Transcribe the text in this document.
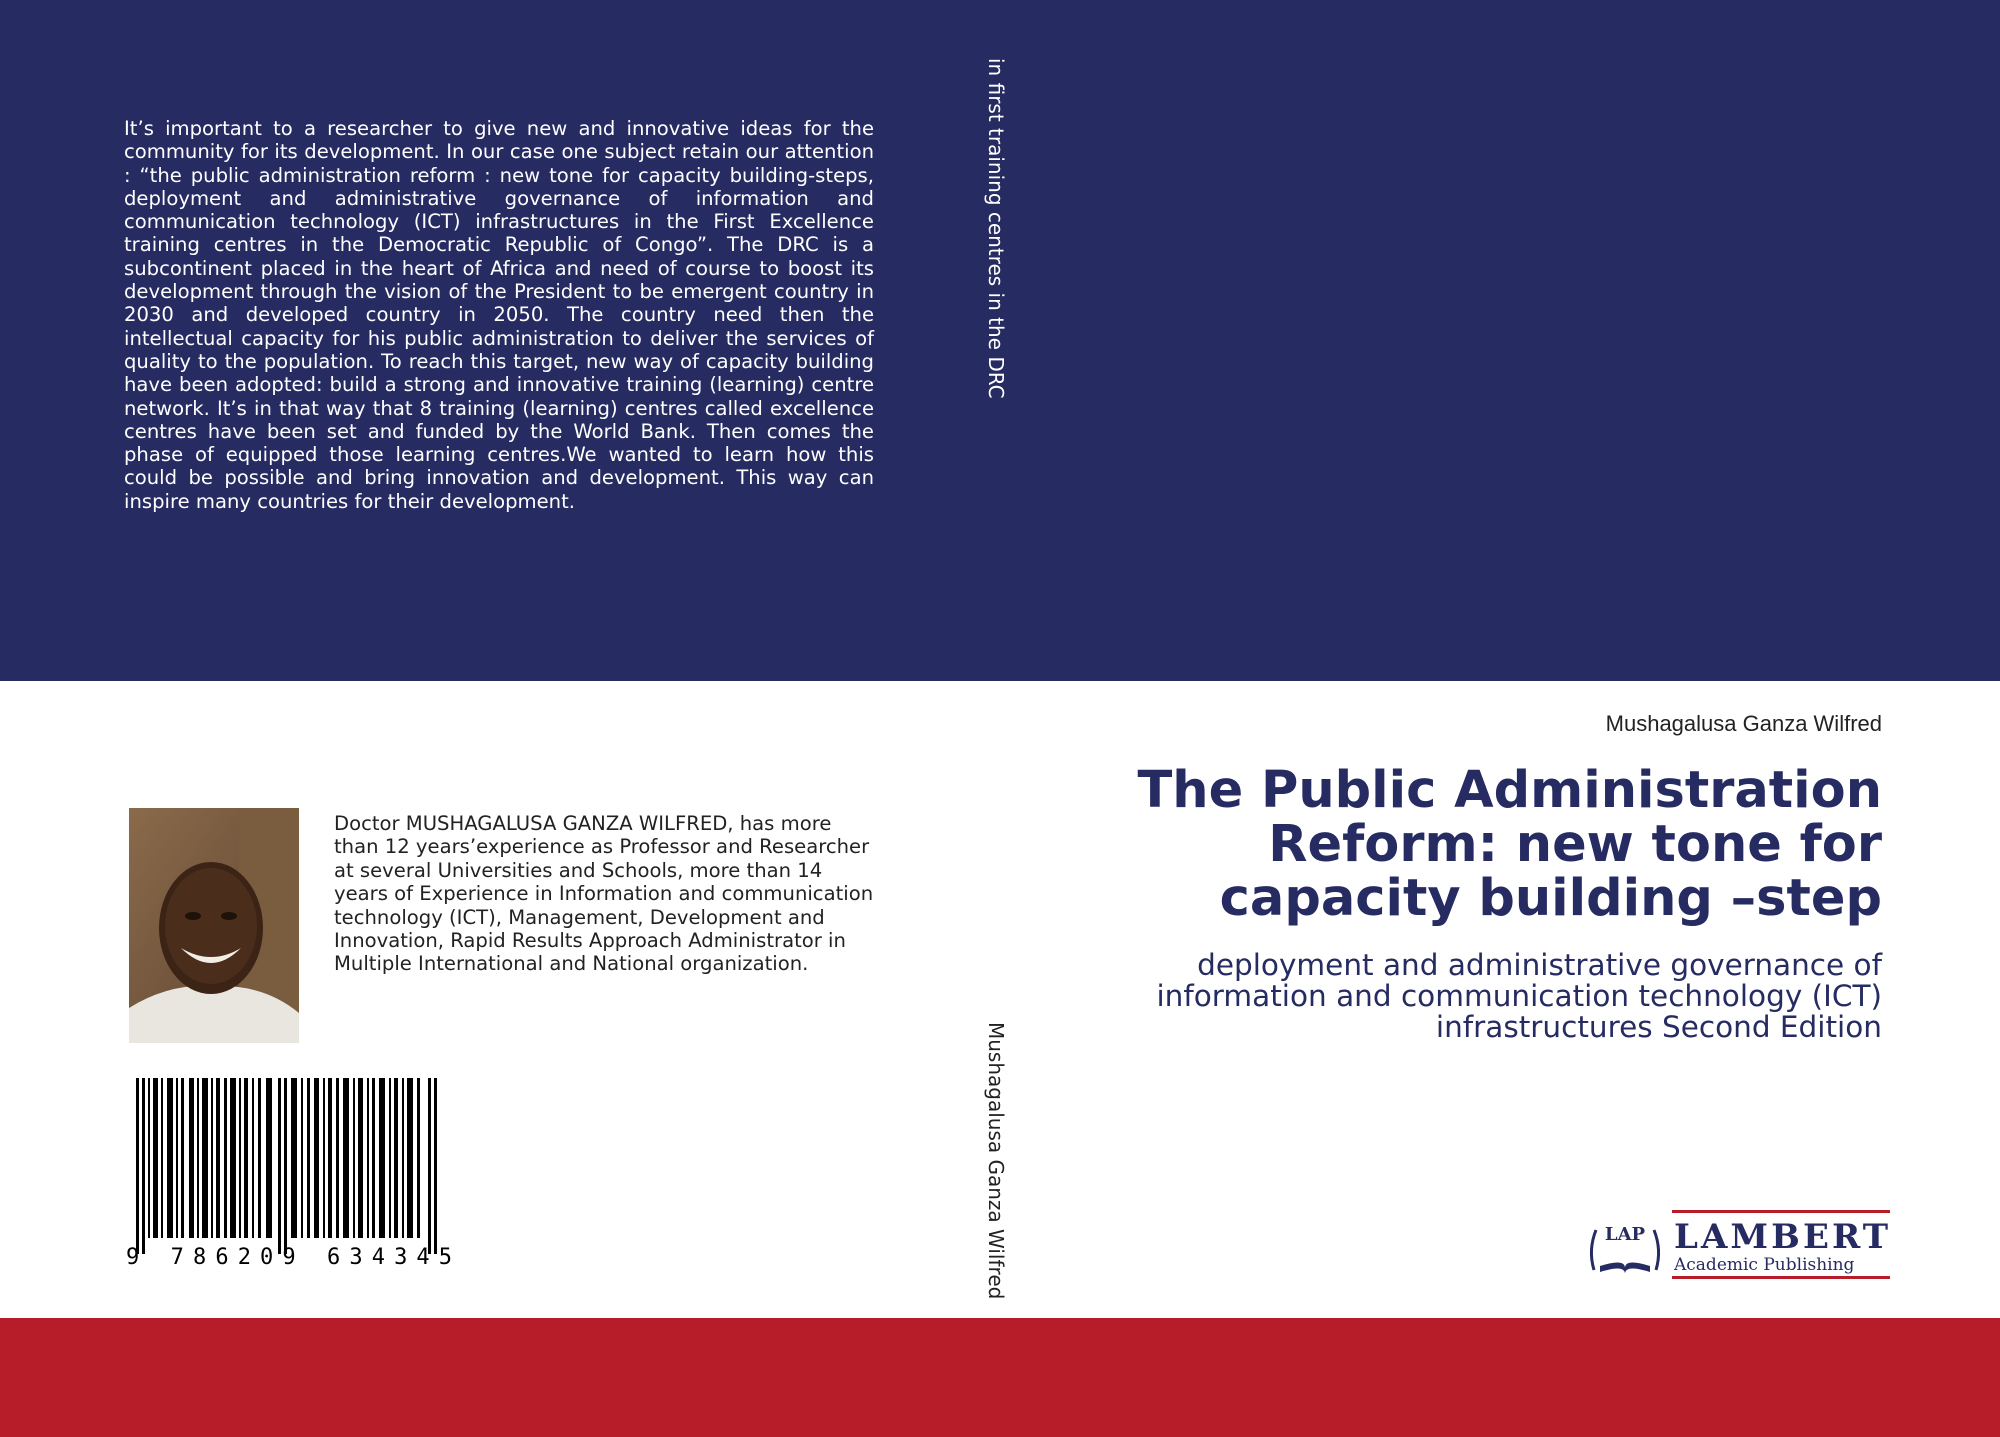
It’s important to a researcher to give new and innovative ideas for the community for its development. In our case one subject retain our attention : “the public administration reform : new tone for capacity building-steps, deployment and administrative governance of information and communication technology (ICT) infrastructures in the First Excellence training centres in the Democratic Republic of Congo”. The DRC is a subcontinent placed in the heart of Africa and need of course to boost its development through the vision of the President to be emergent country in 2030 and developed country in 2050. The country need then the intellectual capacity for his public administration to deliver the services of quality to the population. To reach this target, new way of capacity building have been adopted: build a strong and innovative training (learning) centre network. It’s in that way that 8 training (learning) centres called excellence centres have been set and funded by the World Bank. Then comes the phase of equipped those learning centres.We wanted to learn how this could be possible and bring innovation and development. This way can inspire many countries for their development.

in first training centres in the DRC
Mushagalusa Ganza Wilfred

Doctor MUSHAGALUSA GANZA WILFRED, has more than 12 years’experience as Professor and Researcher at several Universities and Schools, more than 14 years of Experience in Information and communication technology (ICT), Management, Development and Innovation, Rapid Results Approach Administrator in Multiple International and National organization.

9 786209 634345
Mushagalusa Ganza Wilfred
The Public Administration Reform: new tone for capacity building –step

deployment and administrative governance of information and communication technology (ICT) infrastructures Second Edition

LAP LAMBERT
Academic Publishing
